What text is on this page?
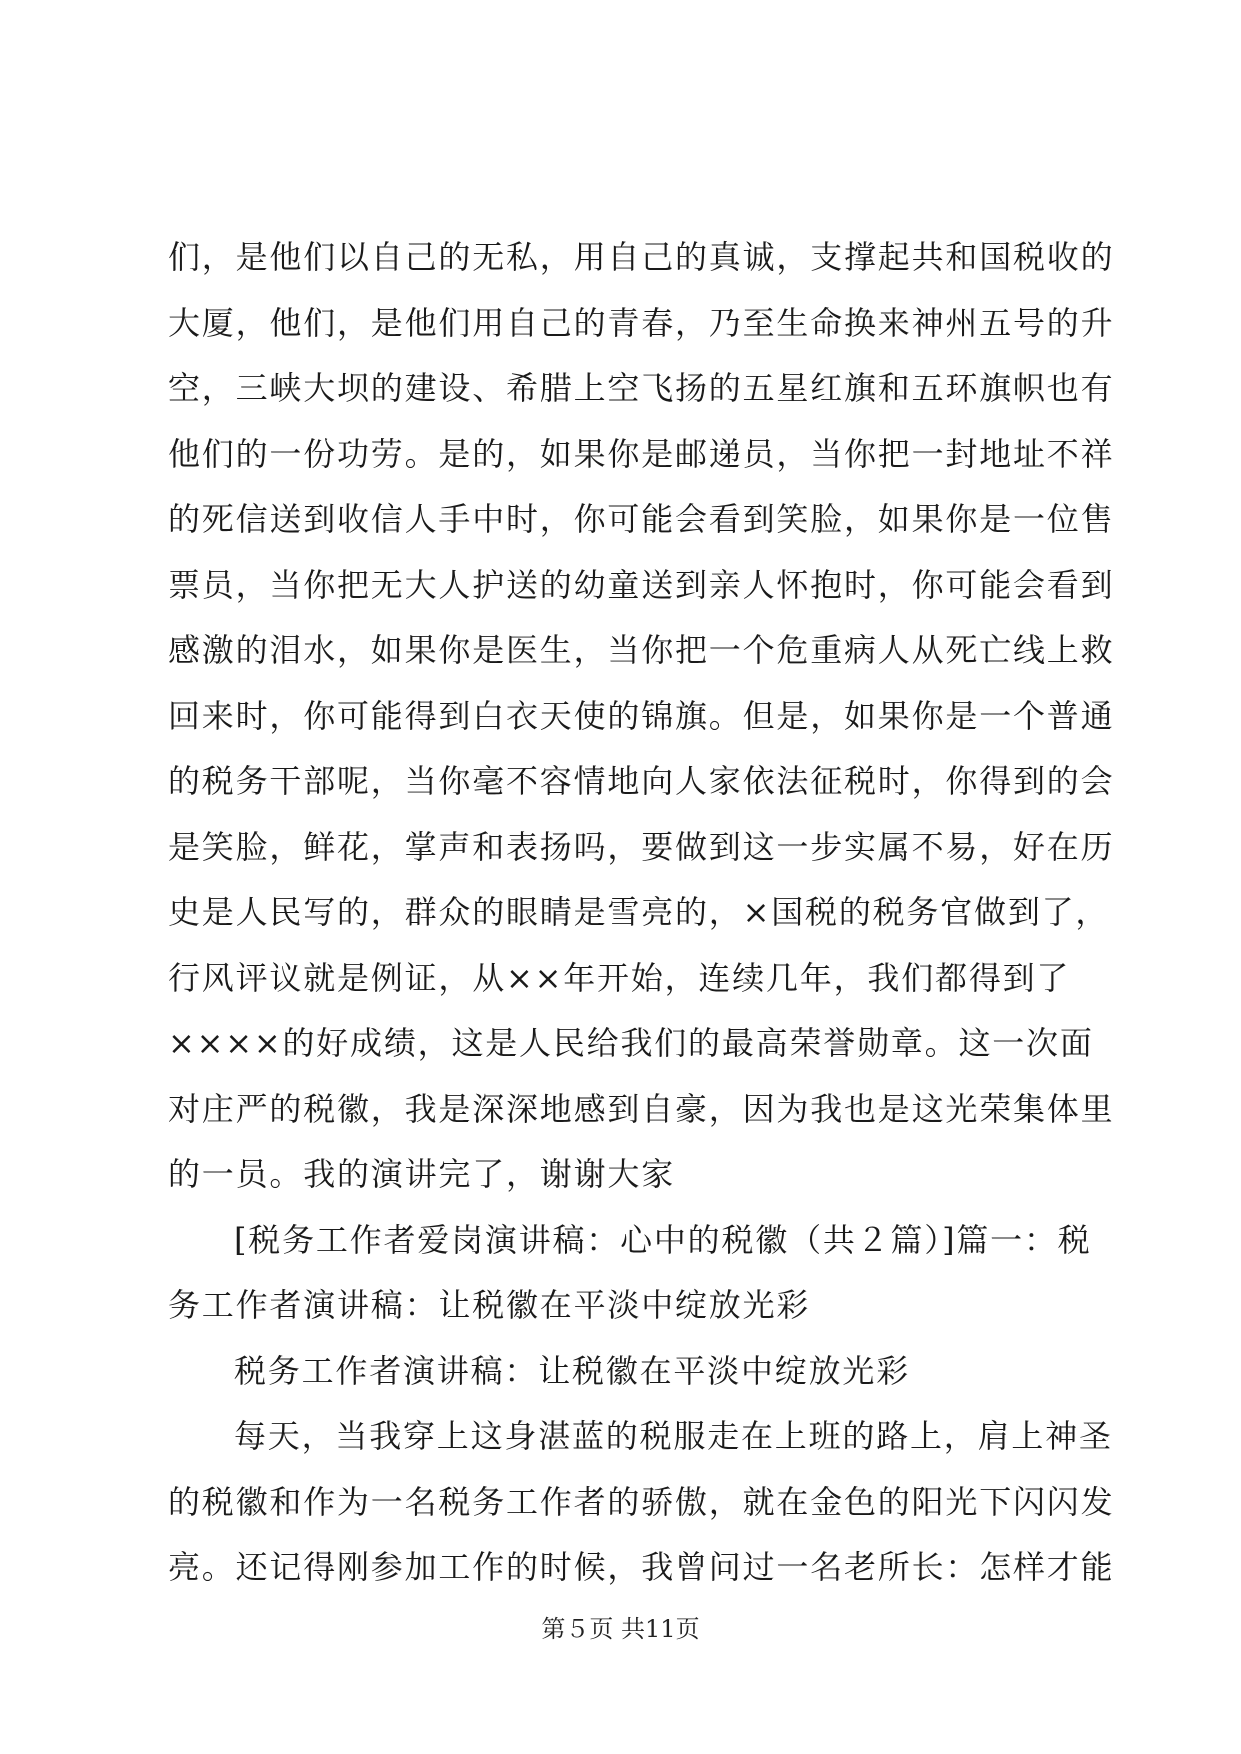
们，是他们以自己的无私，用自己的真诚，支撑起共和国税收的
大厦，他们，是他们用自己的青春，乃至生命换来神州五号的升
空，三峡大坝的建设、希腊上空飞扬的五星红旗和五环旗帜也有
他们的一份功劳。是的，如果你是邮递员，当你把一封地址不祥
的死信送到收信人手中时，你可能会看到笑脸，如果你是一位售
票员，当你把无大人护送的幼童送到亲人怀抱时，你可能会看到
感激的泪水，如果你是医生，当你把一个危重病人从死亡线上救
回来时，你可能得到白衣天使的锦旗。但是，如果你是一个普通
的税务干部呢，当你毫不容情地向人家依法征税时，你得到的会
是笑脸，鲜花，掌声和表扬吗，要做到这一步实属不易，好在历
史是人民写的，群众的眼睛是雪亮的，×国税的税务官做到了，
行风评议就是例证，从××年开始，连续几年，我们都得到了
××××的好成绩，这是人民给我们的最高荣誉勋章。这一次面
对庄严的税徽，我是深深地感到自豪，因为我也是这光荣集体里
的一员。我的演讲完了，谢谢大家
[税务工作者爱岗演讲稿：心中的税徽（共２篇）]篇一：税
务工作者演讲稿：让税徽在平淡中绽放光彩
税务工作者演讲稿：让税徽在平淡中绽放光彩
每天，当我穿上这身湛蓝的税服走在上班的路上，肩上神圣
的税徽和作为一名税务工作者的骄傲，就在金色的阳光下闪闪发
亮。还记得刚参加工作的时候，我曾问过一名老所长：怎样才能
第５页 共11页
